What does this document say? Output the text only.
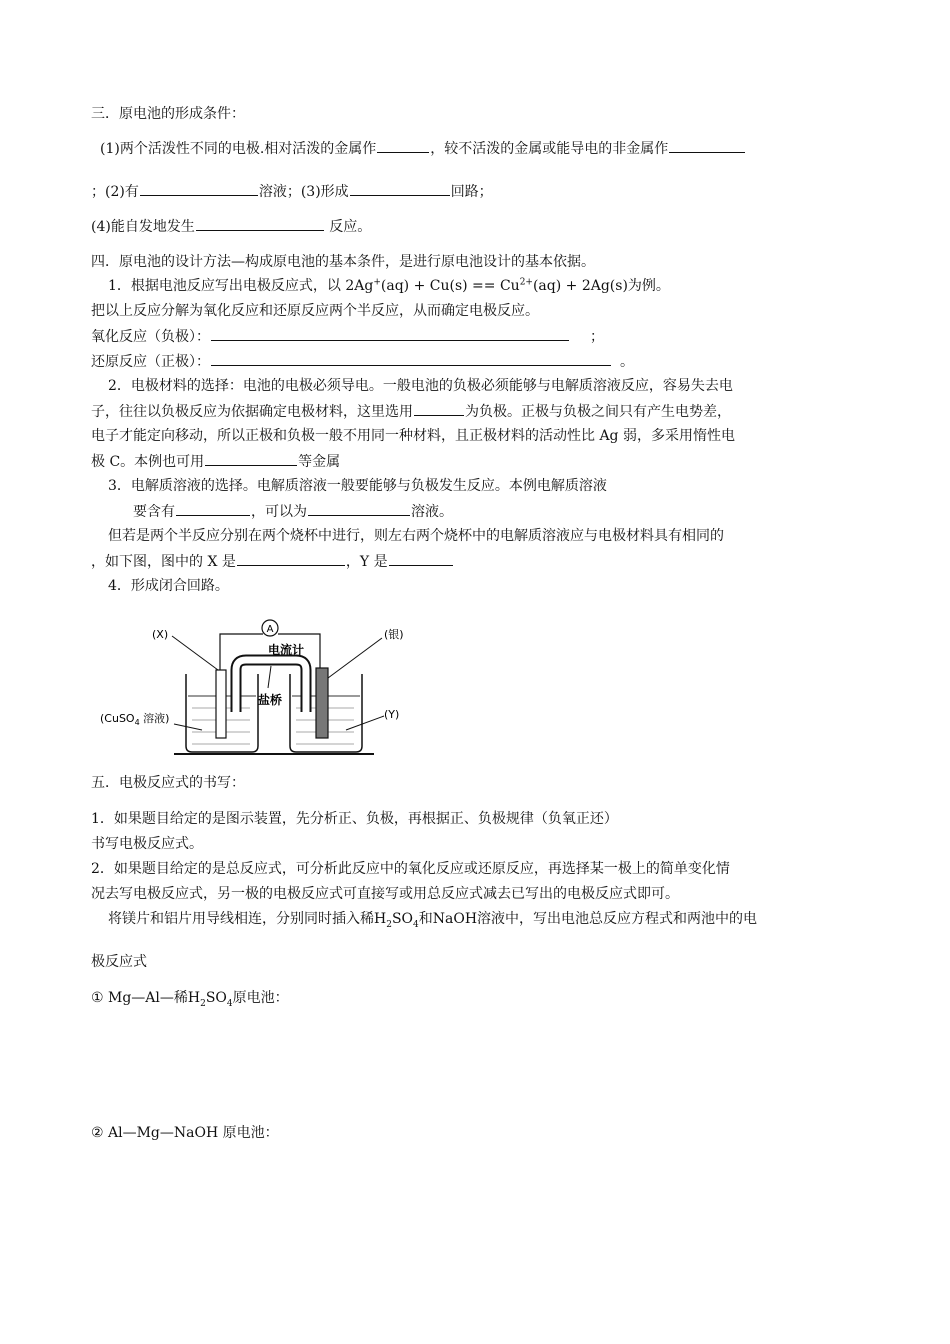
三．原电池的形成条件：
(1)两个活泼性不同的电极.相对活泼的金属作	，较不活泼的金属或能导电的非金属作
；(2)有	溶液；(3)形成	回路；
(4)能自发地发生	反应。
四．原电池的设计方法—构成原电池的基本条件，是进行原电池设计的基本依据。
1．根据电池反应写出电极反应式，以 $2Ag^+(aq) + Cu(s) == Cu^{2+}(aq) + 2Ag(s)$为例。
把以上反应分解为氧化反应和还原反应两个半反应，从而确定电极反应。
氧化反应（负极）：	；
还原反应（正极）：	。
2．电极材料的选择：电池的电极必须导电。一般电池的负极必须能够与电解质溶液反应，容易失去电
子，往往以负极反应为依据确定电极材料，这里选用	为负极。正极与负极之间只有产生电势差，
电子才能定向移动，所以正极和负极一般不用同一种材料，且正极材料的活动性比 Ag 弱，多采用惰性电
极 C。本例也可用	等金属
3．电解质溶液的选择。电解质溶液一般要能够与负极发生反应。本例电解质溶液
要含有	，可以为	溶液。
但若是两个半反应分别在两个烧杯中进行，则左右两个烧杯中的电解质溶液应与电极材料具有相同的
，如下图，图中的 X 是	，Y 是
4．形成闭合回路。
A
电流计
盐桥
(X)	(银)
(CuSO$_4$ 溶液)	(Y)
五．电极反应式的书写：
1．如果题目给定的是图示装置，先分析正、负极，再根据正、负极规律（负氧正还）
书写电极反应式。
2．如果题目给定的是总反应式，可分析此反应中的氧化反应或还原反应，再选择某一极上的简单变化情
况去写电极反应式，另一极的电极反应式可直接写或用总反应式减去已写出的电极反应式即可。
将镁片和铝片用导线相连，分别同时插入稀$H_2SO_4$和NaOH溶液中，写出电池总反应方程式和两池中的电
极反应式
① Mg—Al—稀$H_2SO_4$原电池：
② Al—Mg—NaOH 原电池：
